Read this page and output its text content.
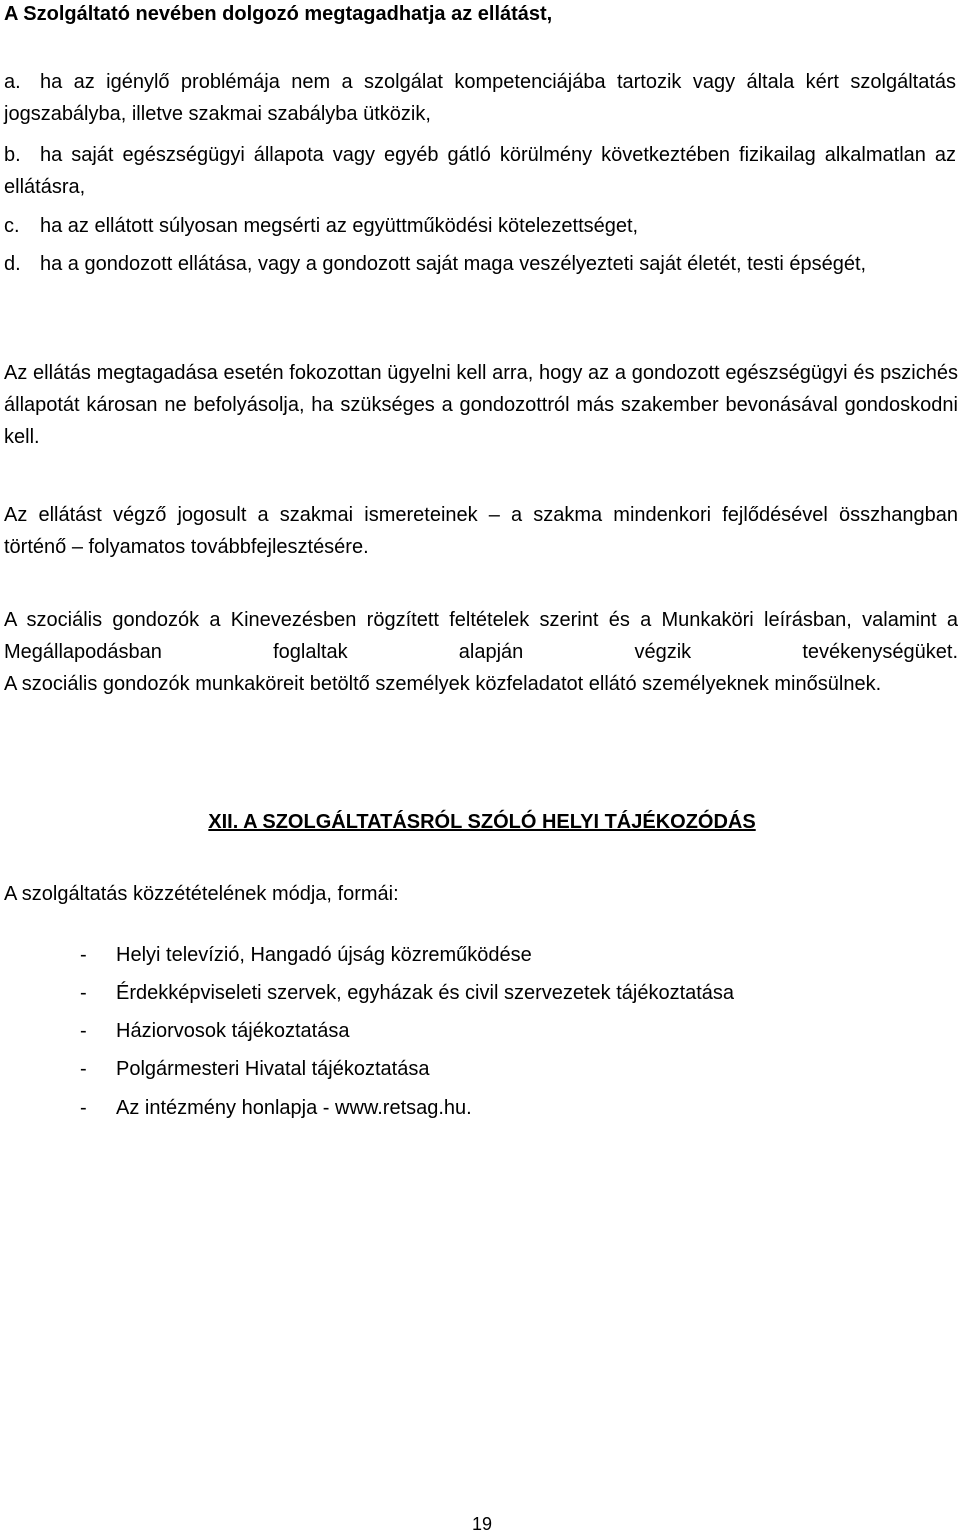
A Szolgáltató nevében dolgozó megtagadhatja az ellátást,
a. ha az igénylő problémája nem a szolgálat kompetenciájába tartozik vagy általa kért szolgáltatás jogszabályba, illetve szakmai szabályba ütközik,
b. ha saját egészségügyi állapota vagy egyéb gátló körülmény következtében fizikailag alkalmatlan az ellátásra,
c. ha az ellátott súlyosan megsérti az együttműködési kötelezettséget,
d. ha a gondozott ellátása, vagy a gondozott saját maga veszélyezteti saját életét, testi épségét,
Az ellátás megtagadása esetén fokozottan ügyelni kell arra, hogy az a gondozott egészségügyi és pszichés állapotát károsan ne befolyásolja, ha szükséges a gondozottról más szakember bevonásával gondoskodni kell.
Az ellátást végző jogosult a szakmai ismereteinek – a szakma mindenkori fejlődésével összhangban történő – folyamatos továbbfejlesztésére.
A szociális gondozók a Kinevezésben rögzített feltételek szerint és a Munkaköri leírásban, valamint a Megállapodásban foglaltak alapján végzik tevékenységüket.
A szociális gondozók munkaköreit betöltő személyek közfeladatot ellátó személyeknek minősülnek.
XII. A SZOLGÁLTATÁSRÓL SZÓLÓ HELYI TÁJÉKOZÓDÁS
A szolgáltatás közzétételének módja, formái:
- Helyi televízió, Hangadó újság közreműködése
- Érdekképviseleti szervek, egyházak és civil szervezetek tájékoztatása
- Háziorvosok tájékoztatása
- Polgármesteri Hivatal tájékoztatása
- Az intézmény honlapja - www.retsag.hu.
19
